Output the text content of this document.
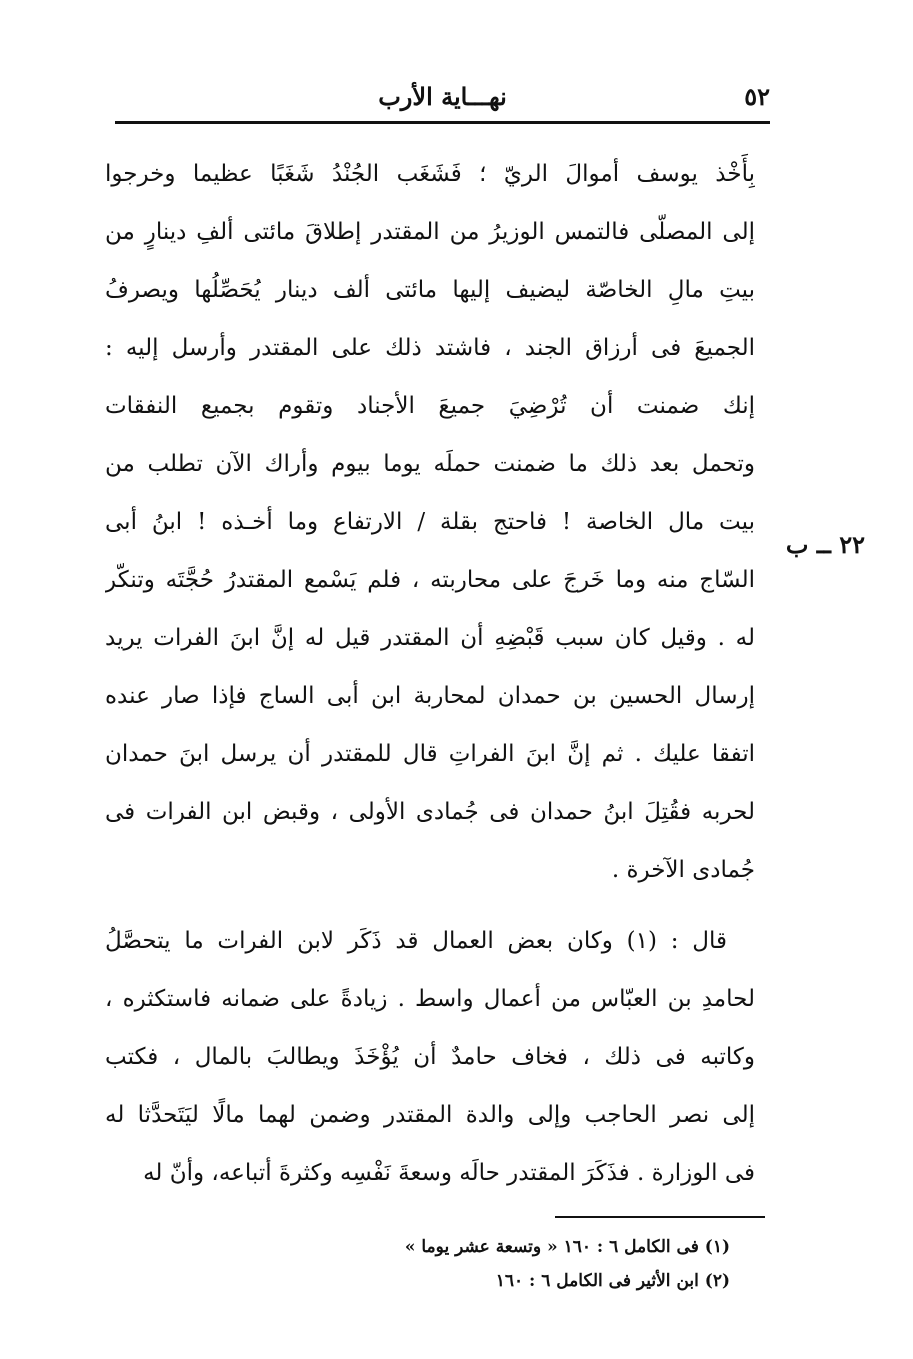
٥٢
نهـــاية الأرب
٢٢ ــ ب
بِأَخْذ يوسف أموالَ الريّ ؛ فَشَغَب الجُنْدُ شَغَبًا عظيما وخرجوا
إلى المصلّى فالتمس الوزيرُ من المقتدر إطلاقَ مائتى ألفِ دينارٍ من
بيتِ مالِ الخاصّة ليضيف إليها مائتى ألف دينار يُحَصِّلُها ويصرفُ
الجميعَ فى أرزاق الجند ، فاشتد ذلك على المقتدر وأرسل إليه :
إنك ضمنت أن تُرْضِيَ جميعَ الأجناد وتقوم بجميع النفقات
وتحمل بعد ذلك ما ضمنت حملَه يوما بيوم وأراك الآن تطلب من
بيت مال الخاصة ! فاحتج بقلة / الارتفاع وما أخـذه ! ابنُ أبى
السّاج منه وما خَرجَ على محاربته ، فلم يَسْمع المقتدرُ حُجَّتَه وتنكّر
له . وقيل كان سبب قَبْضِهِ أن المقتدر قيل له إنَّ ابنَ الفرات يريد
إرسال الحسين بن حمدان لمحاربة ابن أبى الساج فإذا صار عنده
اتفقا عليك . ثم إنَّ ابنَ الفراتِ قال للمقتدر أن يرسل ابنَ حمدان
لحربه فقُتِلَ ابنُ حمدان فى جُمادى الأولى ، وقبض ابن الفرات فى
جُمادى الآخرة .
قال : (١) وكان بعض العمال قد ذَكَر لابن الفرات ما يتحصَّلُ
لحامدِ بن العبّاس من أعمال واسط . زيادةً على ضمانه فاستكثره ،
وكاتبه فى ذلك ، فخاف حامدٌ أن يُؤْخَذَ ويطالبَ بالمال ، فكتب
إلى نصر الحاجب وإلى والدة المقتدر وضمن لهما مالًا ليَتَحدَّثا له
فى الوزارة . فذَكَرَ المقتدر حالَه وسعةَ نَفْسِه وكثرةَ أتباعه، وأنّ له
(١) فى الكامل ٦ : ١٦٠ « وتسعة عشر يوما »
(٢) ابن الأثير فى الكامل ٦ : ١٦٠
